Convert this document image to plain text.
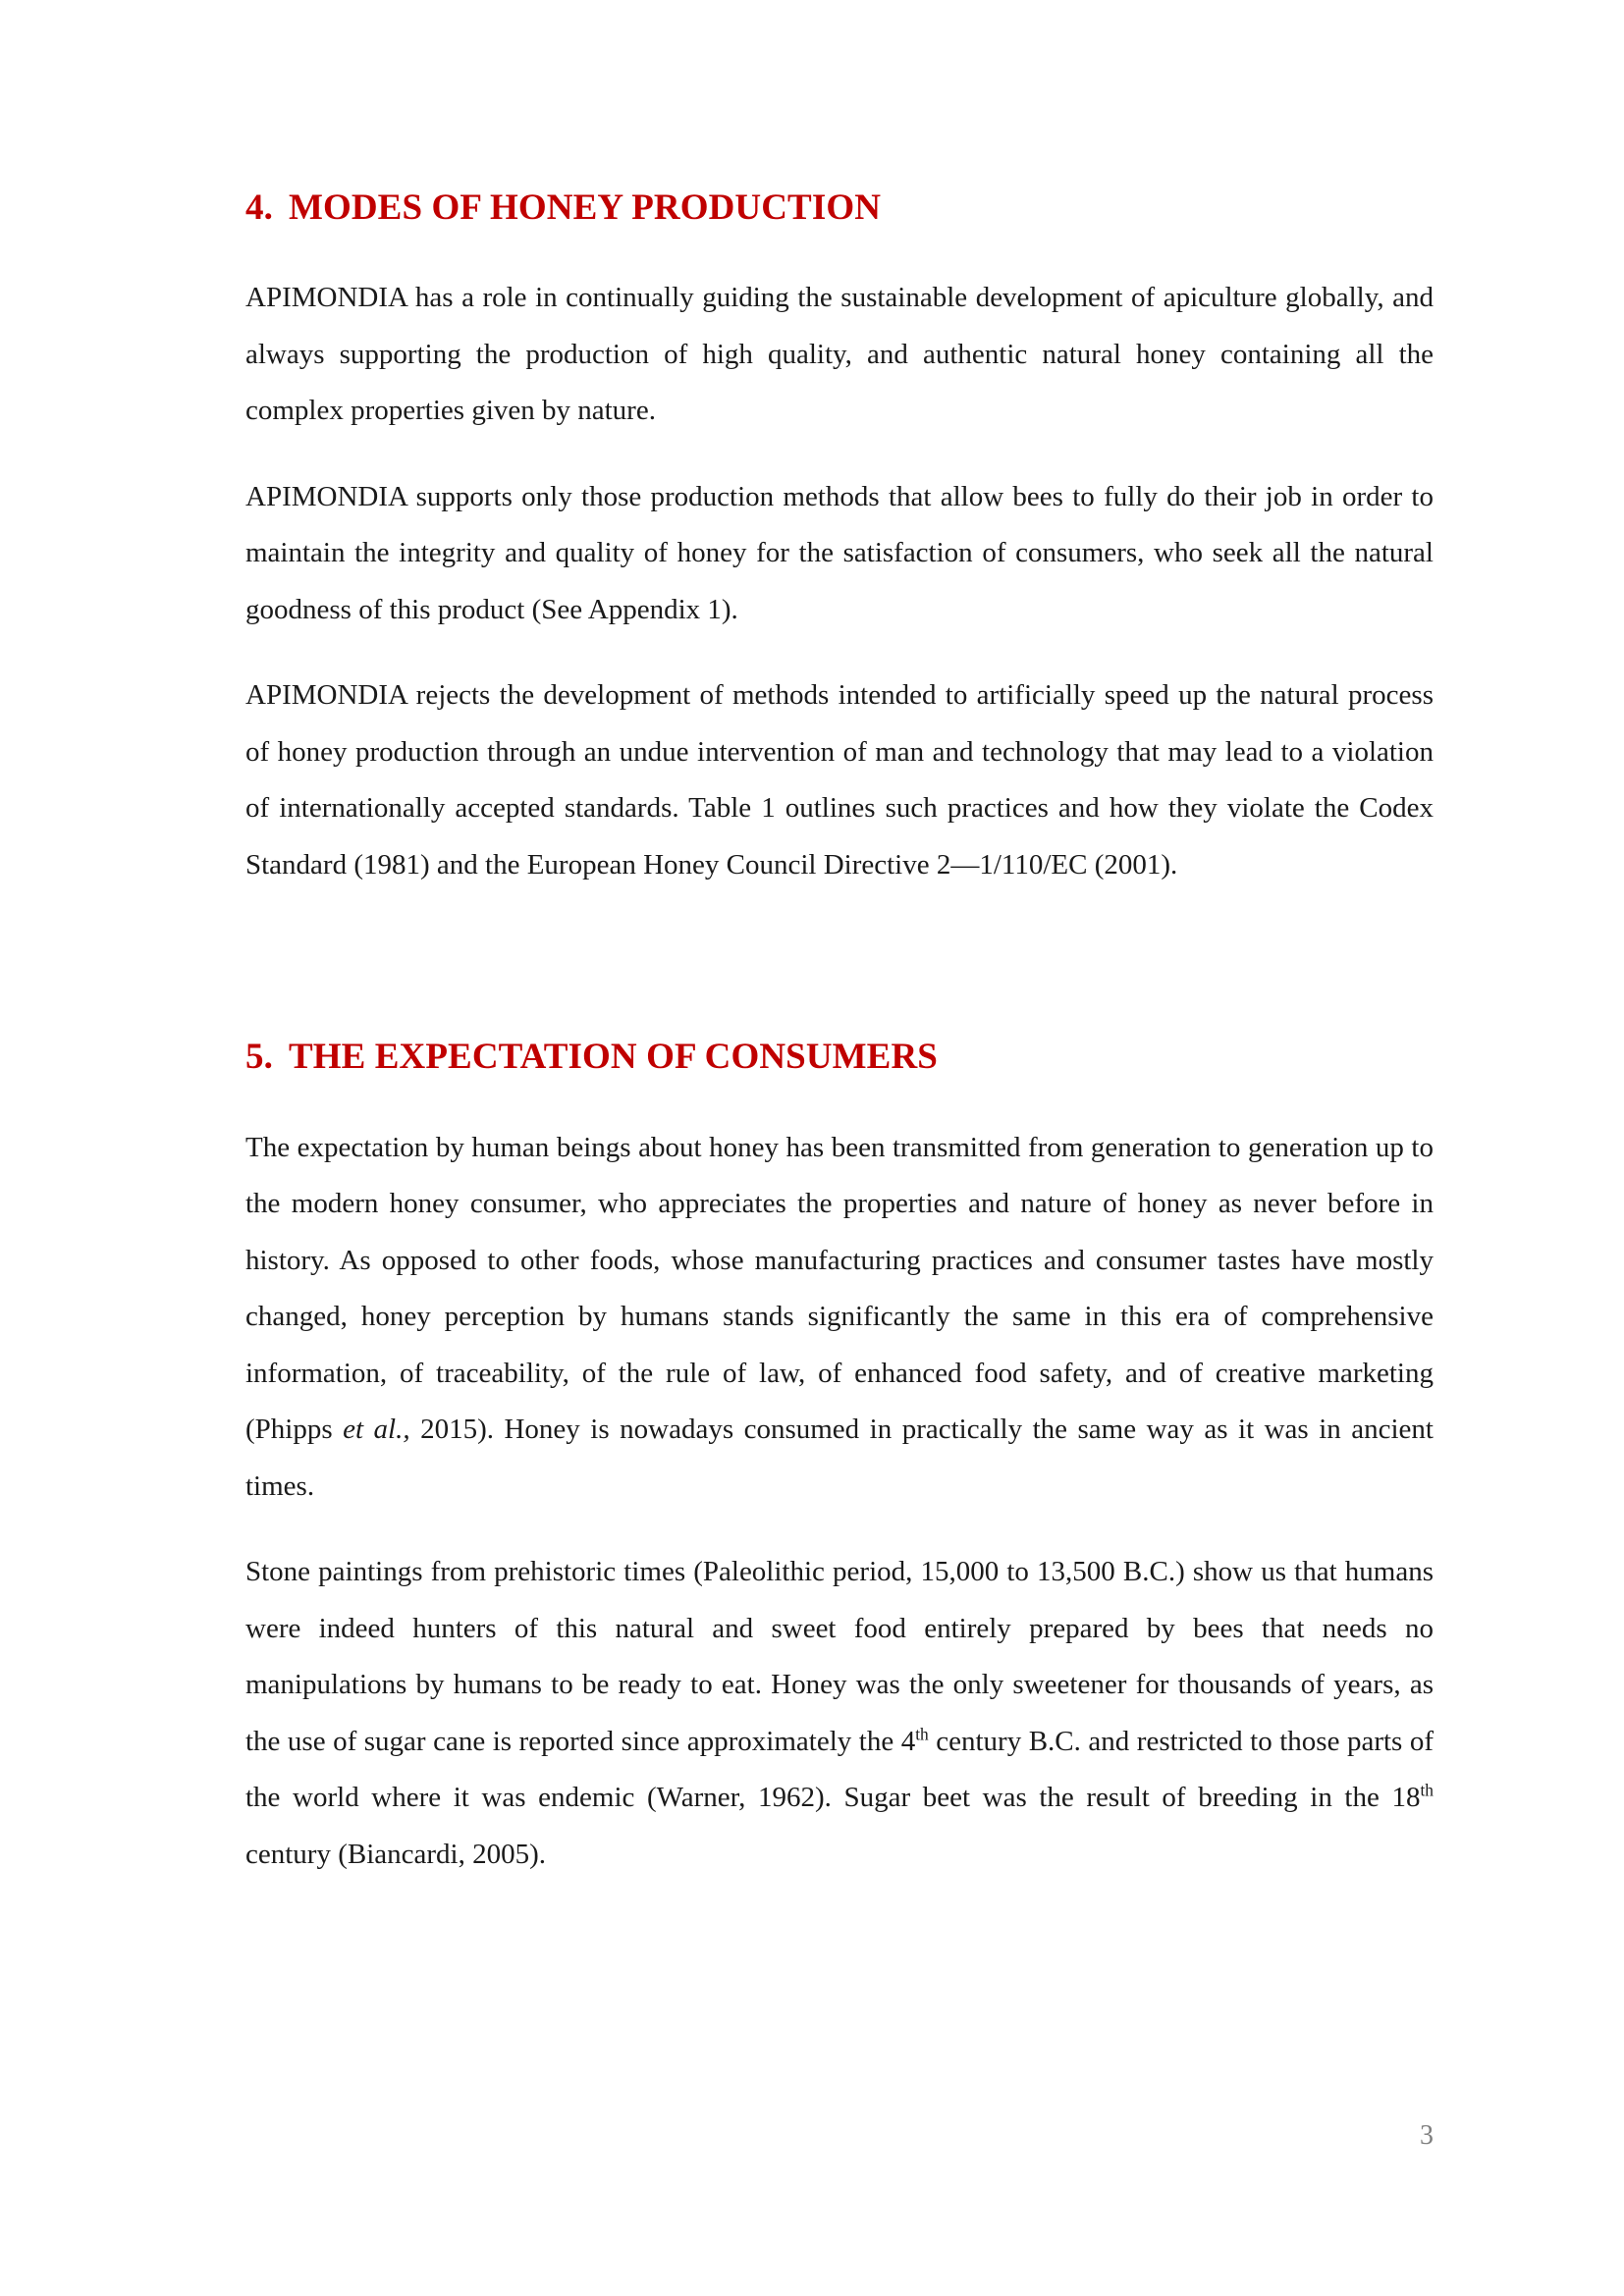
4. MODES OF HONEY PRODUCTION

APIMONDIA has a role in continually guiding the sustainable development of apiculture globally, and always supporting the production of high quality, and authentic natural honey containing all the complex properties given by nature.

APIMONDIA supports only those production methods that allow bees to fully do their job in order to maintain the integrity and quality of honey for the satisfaction of consumers, who seek all the natural goodness of this product (See Appendix 1).

APIMONDIA rejects the development of methods intended to artificially speed up the natural process of honey production through an undue intervention of man and technology that may lead to a violation of internationally accepted standards. Table 1 outlines such practices and how they violate the Codex Standard (1981) and the European Honey Council Directive 2—1/110/EC (2001).

5. THE EXPECTATION OF CONSUMERS

The expectation by human beings about honey has been transmitted from generation to generation up to the modern honey consumer, who appreciates the properties and nature of honey as never before in history. As opposed to other foods, whose manufacturing practices and consumer tastes have mostly changed, honey perception by humans stands significantly the same in this era of comprehensive information, of traceability, of the rule of law, of enhanced food safety, and of creative marketing (Phipps et al., 2015). Honey is nowadays consumed in practically the same way as it was in ancient times.

Stone paintings from prehistoric times (Paleolithic period, 15,000 to 13,500 B.C.) show us that humans were indeed hunters of this natural and sweet food entirely prepared by bees that needs no manipulations by humans to be ready to eat. Honey was the only sweetener for thousands of years, as the use of sugar cane is reported since approximately the 4th century B.C. and restricted to those parts of the world where it was endemic (Warner, 1962). Sugar beet was the result of breeding in the 18th century (Biancardi, 2005).

3
